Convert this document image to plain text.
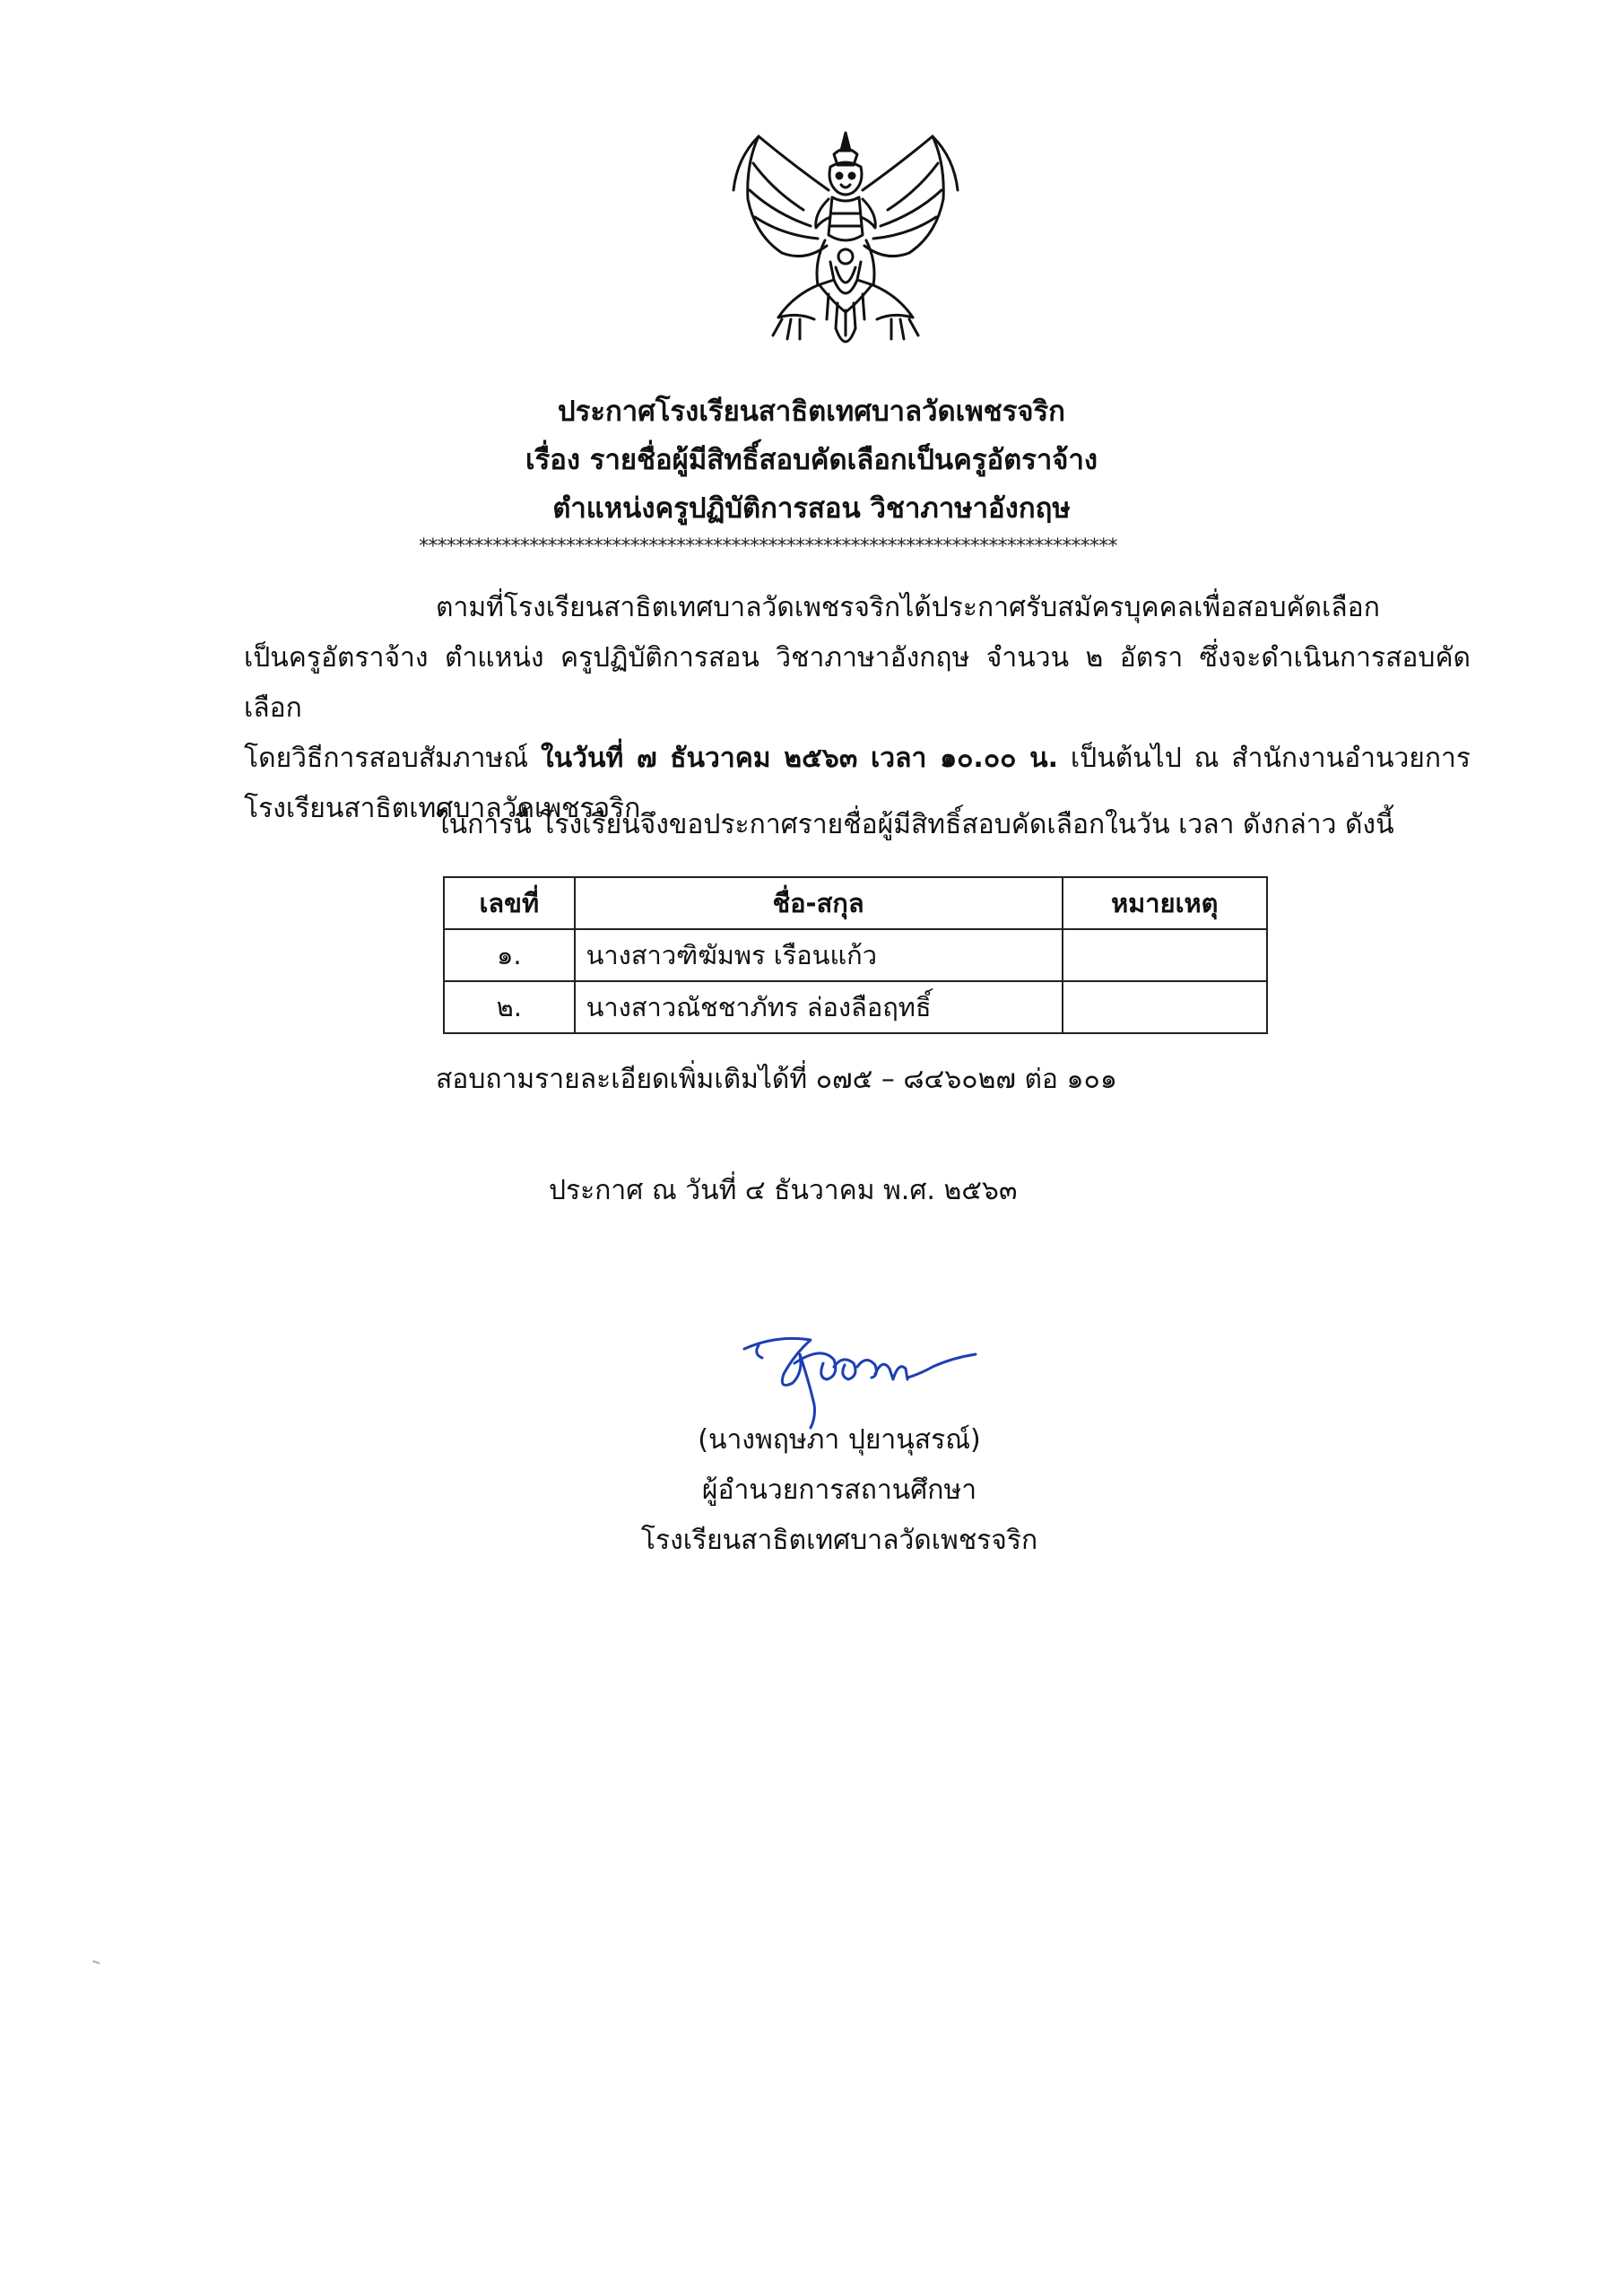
ประกาศโรงเรียนสาธิตเทศบาลวัดเพชรจริก
เรื่อง รายชื่อผู้มีสิทธิ์สอบคัดเลือกเป็นครูอัตราจ้าง
ตำแหน่งครูปฏิบัติการสอน วิชาภาษาอังกฤษ
****************************************************************************
ตามที่โรงเรียนสาธิตเทศบาลวัดเพชรจริกได้ประกาศรับสมัครบุคคลเพื่อสอบคัดเลือก
เป็นครูอัตราจ้าง ตำแหน่ง ครูปฏิบัติการสอน วิชาภาษาอังกฤษ จำนวน ๒ อัตรา ซึ่งจะดำเนินการสอบคัดเลือก
โดยวิธีการสอบสัมภาษณ์ ในวันที่ ๗ ธันวาคม ๒๕๖๓ เวลา ๑๐.๐๐ น. เป็นต้นไป ณ สำนักงานอำนวยการ
โรงเรียนสาธิตเทศบาลวัดเพชรจริก
ในการนี้ โรงเรียนจึงขอประกาศรายชื่อผู้มีสิทธิ์สอบคัดเลือกในวัน เวลา ดังกล่าว ดังนี้
เลขที่	ชื่อ-สกุล	หมายเหตุ
๑.	นางสาวฑิฆัมพร เรือนแก้ว	
๒.	นางสาวณัชชาภัทร ล่องลือฤทธิ์	
สอบถามรายละเอียดเพิ่มเติมได้ที่ ๐๗๕ – ๘๔๖๐๒๗ ต่อ ๑๐๑
ประกาศ ณ วันที่ ๔ ธันวาคม พ.ศ. ๒๕๖๓
(นางพฤษภา ปุยานุสรณ์)
ผู้อำนวยการสถานศึกษา
โรงเรียนสาธิตเทศบาลวัดเพชรจริก
